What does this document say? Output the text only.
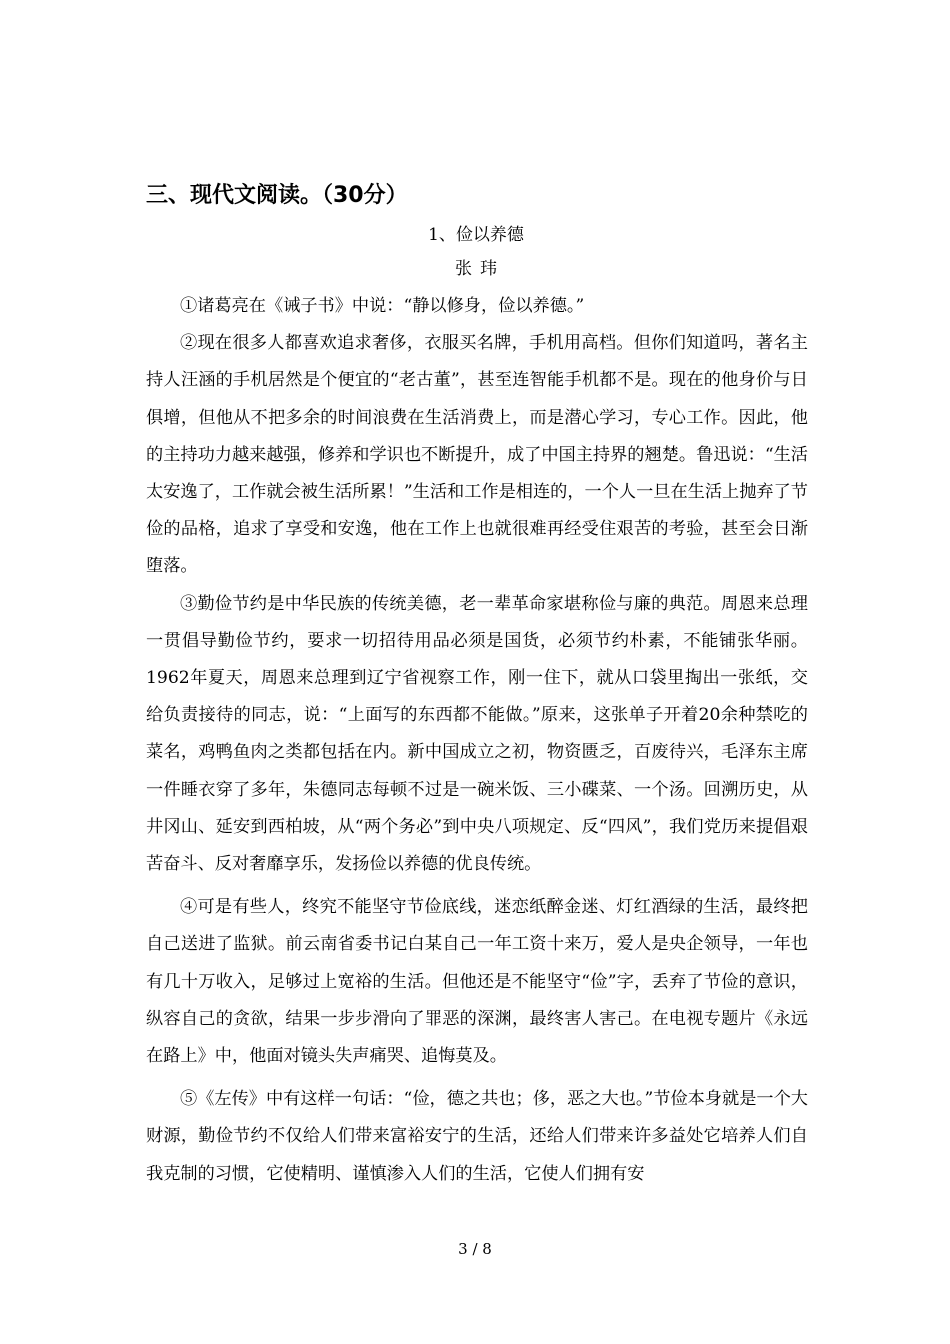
三、现代文阅读。（30分）
1、俭以养德
张玮

①诸葛亮在《诫子书》中说：“静以修身，俭以养德。”

②现在很多人都喜欢追求奢侈，衣服买名牌，手机用高档。但你们知道吗，著名主持人汪涵的手机居然是个便宜的“老古董”，甚至连智能手机都不是。现在的他身价与日俱增，但他从不把多余的时间浪费在生活消费上，而是潜心学习，专心工作。因此，他的主持功力越来越强，修养和学识也不断提升，成了中国主持界的翘楚。鲁迅说：“生活太安逸了，工作就会被生活所累！”生活和工作是相连的，一个人一旦在生活上抛弃了节俭的品格，追求了享受和安逸，他在工作上也就很难再经受住艰苦的考验，甚至会日渐堕落。

③勤俭节约是中华民族的传统美德，老一辈革命家堪称俭与廉的典范。周恩来总理一贯倡导勤俭节约，要求一切招待用品必须是国货，必须节约朴素，不能铺张华丽。1962年夏天，周恩来总理到辽宁省视察工作，刚一住下，就从口袋里掏出一张纸，交给负责接待的同志，说：“上面写的东西都不能做。”原来，这张单子开着20余种禁吃的菜名，鸡鸭鱼肉之类都包括在内。新中国成立之初，物资匮乏，百废待兴，毛泽东主席一件睡衣穿了多年，朱德同志每顿不过是一碗米饭、三小碟菜、一个汤。回溯历史，从井冈山、延安到西柏坡，从“两个务必”到中央八项规定、反“四风”，我们党历来提倡艰苦奋斗、反对奢靡享乐，发扬俭以养德的优良传统。

④可是有些人，终究不能坚守节俭底线，迷恋纸醉金迷、灯红酒绿的生活，最终把自己送进了监狱。前云南省委书记白某自己一年工资十来万，爱人是央企领导，一年也有几十万收入，足够过上宽裕的生活。但他还是不能坚守“俭”字，丢弃了节俭的意识，纵容自己的贪欲，结果一步步滑向了罪恶的深渊，最终害人害己。在电视专题片《永远在路上》中，他面对镜头失声痛哭、追悔莫及。

⑤《左传》中有这样一句话：“俭，德之共也；侈，恶之大也。”节俭本身就是一个大财源，勤俭节约不仅给人们带来富裕安宁的生活，还给人们带来许多益处它培养人们自我克制的习惯，它使精明、谨慎渗入人们的生活，它使人们拥有安

3 / 8
